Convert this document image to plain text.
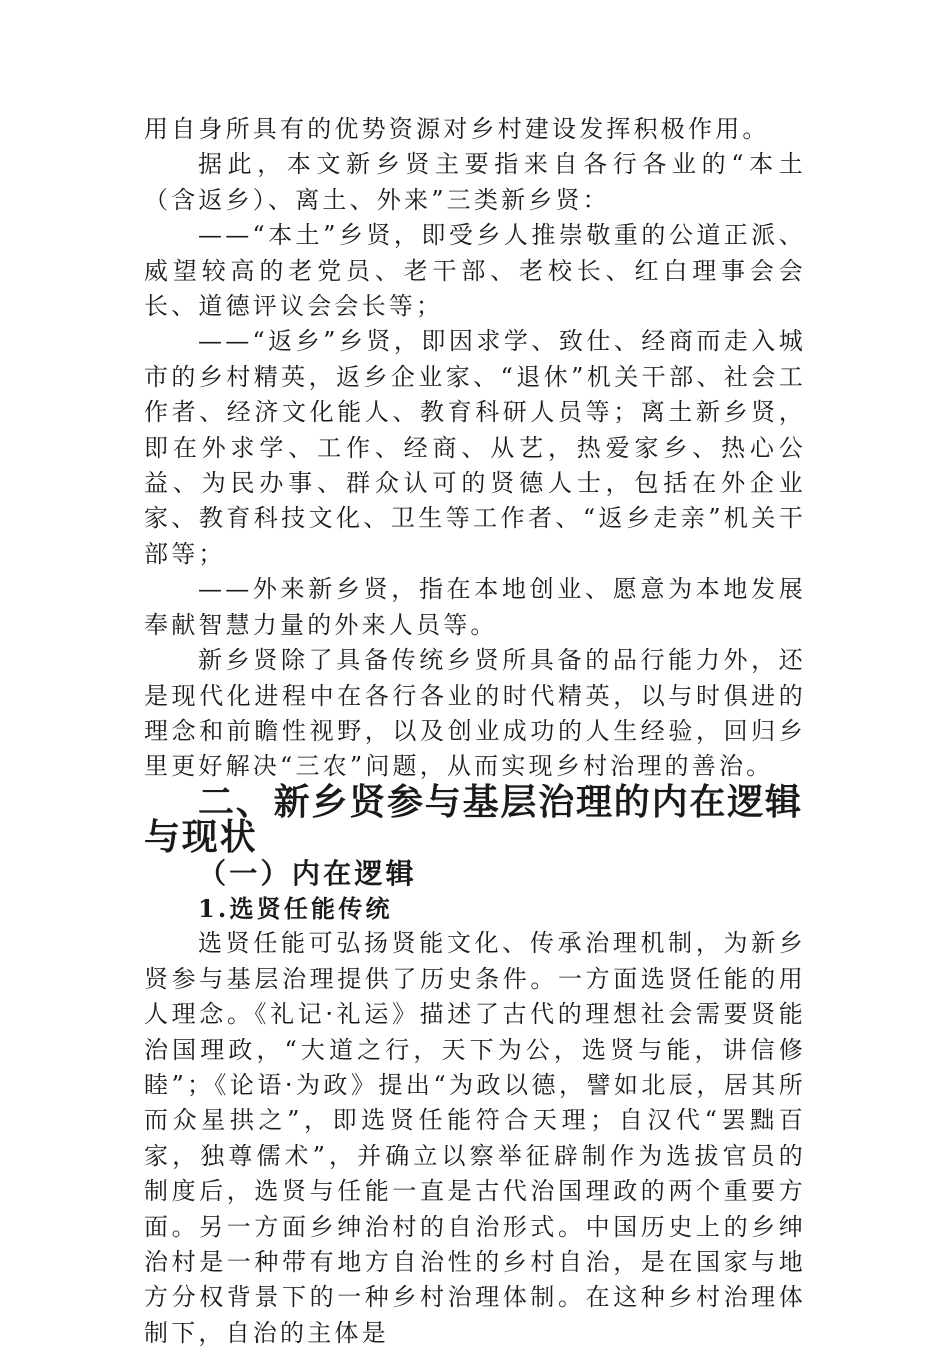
用自身所具有的优势资源对乡村建设发挥积极作用。

据此，本文新乡贤主要指来自各行各业的“本土（含返乡）、离土、外来”三类新乡贤：

——“本土”乡贤，即受乡人推崇敬重的公道正派、威望较高的老党员、老干部、老校长、红白理事会会长、道德评议会会长等；

——“返乡”乡贤，即因求学、致仕、经商而走入城市的乡村精英，返乡企业家、“退休”机关干部、社会工作者、经济文化能人、教育科研人员等；离土新乡贤，即在外求学、工作、经商、从艺，热爱家乡、热心公益、为民办事、群众认可的贤德人士，包括在外企业家、教育科技文化、卫生等工作者、“返乡走亲”机关干部等；

——外来新乡贤，指在本地创业、愿意为本地发展奉献智慧力量的外来人员等。

新乡贤除了具备传统乡贤所具备的品行能力外，还是现代化进程中在各行各业的时代精英，以与时俱进的理念和前瞻性视野，以及创业成功的人生经验，回归乡里更好解决“三农”问题，从而实现乡村治理的善治。

二、新乡贤参与基层治理的内在逻辑与现状
（一）内在逻辑
1.选贤任能传统

选贤任能可弘扬贤能文化、传承治理机制，为新乡贤参与基层治理提供了历史条件。一方面选贤任能的用人理念。《礼记·礼运》描述了古代的理想社会需要贤能治国理政，“大道之行，天下为公，选贤与能，讲信修睦”；《论语·为政》提出“为政以德，譬如北辰，居其所而众星拱之”，即选贤任能符合天理；自汉代“罢黜百家，独尊儒术”，并确立以察举征辟制作为选拔官员的制度后，选贤与任能一直是古代治国理政的两个重要方面。另一方面乡绅治村的自治形式。中国历史上的乡绅治村是一种带有地方自治性的乡村自治，是在国家与地方分权背景下的一种乡村治理体制。在这种乡村治理体制下，自治的主体是
